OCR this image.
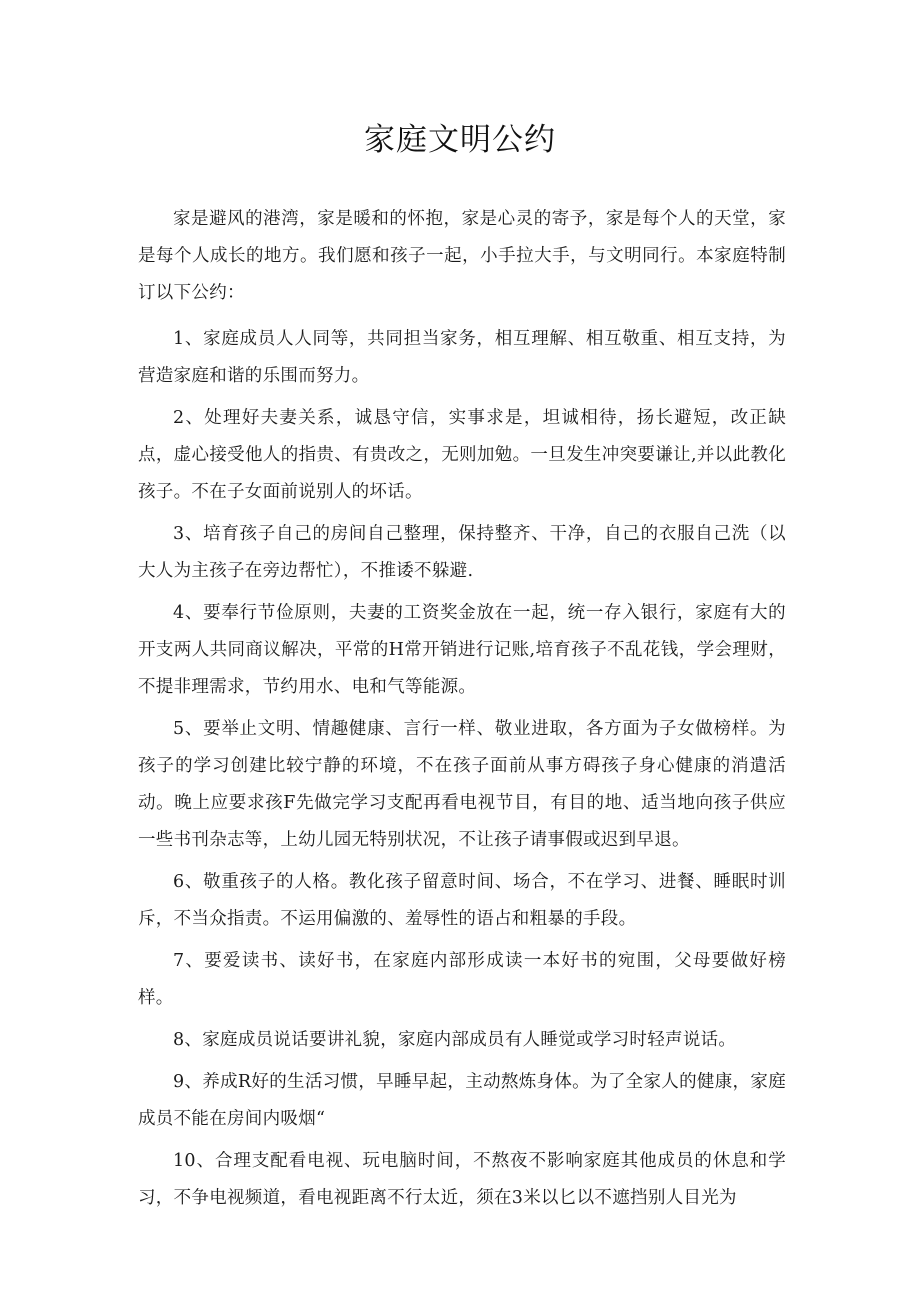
家庭文明公约

家是避风的港湾，家是暖和的怀抱，家是心灵的寄予，家是每个人的天堂，家是每个人成长的地方。我们愿和孩子一起，小手拉大手，与文明同行。本家庭特制订以下公约：

1、家庭成员人人同等，共同担当家务，相互理解、相互敬重、相互支持，为营造家庭和谐的乐围而努力。

2、处理好夫妻关系，诚恳守信，实事求是，坦诚相待，扬长避短，改正缺点，虚心接受他人的指贵、有贵改之，无则加勉。一旦发生冲突要谦让,并以此教化孩子。不在子女面前说别人的坏话。

3、培育孩子自己的房间自己整理，保持整齐、干净，自己的衣服自己洗（以大人为主孩子在旁边帮忙），不推诿不躲避.

4、要奉行节俭原则，夫妻的工资奖金放在一起，统一存入银行，家庭有大的开支两人共同商议解决，平常的H常开销进行记账,培育孩子不乱花钱，学会理财，不提非理需求，节约用水、电和气等能源。

5、要举止文明、情趣健康、言行一样、敬业进取，各方面为子女做榜样。为孩子的学习创建比较宁静的环境，不在孩子面前从事方碍孩子身心健康的消遣活动。晚上应要求孩F先做完学习支配再看电视节目，有目的地、适当地向孩子供应一些书刊杂志等，上幼儿园无特别状况，不让孩子请事假或迟到早退。

6、敬重孩子的人格。教化孩子留意时间、场合，不在学习、进餐、睡眠时训斥，不当众指责。不运用偏激的、羞辱性的语占和粗暴的手段。

7、要爱读书、读好书，在家庭内部形成读一本好书的宛围，父母要做好榜样。

8、家庭成员说话要讲礼貌，家庭内部成员有人睡觉或学习时轻声说话。

9、养成R好的生活习惯，早睡早起，主动熬炼身体。为了全家人的健康，家庭成员不能在房间内吸烟“

10、合理支配看电视、玩电脑时间，不熬夜不影响家庭其他成员的休息和学习，不争电视频道，看电视距离不行太近，须在3米以匕以不遮挡别人目光为
